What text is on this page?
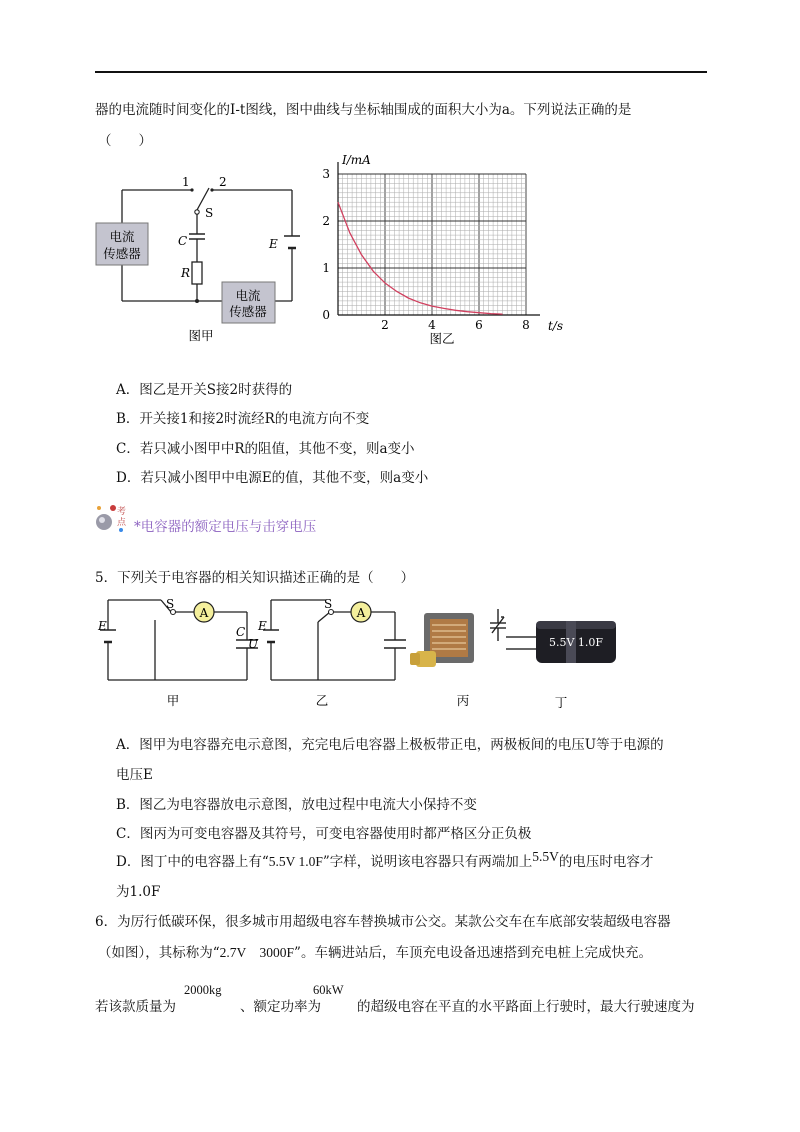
器的电流随时间变化的I-t图线，图中曲线与坐标轴围成的面积大小为a。下列说法正确的是
（　　）
电流
传感器
电流
传感器
1 2
S
C
R
E
图甲
2	4	6	8
1
2
3
0
I/mA
t/s
图乙
A．图乙是开关S接2时获得的
B．开关接1和接2时流经R的电流方向不变
C．若只减小图甲中R的阻值，其他不变，则a变小
D．若只减小图甲中电源E的值，其他不变，则a变小
考
点 *电容器的额定电压与击穿电压
5．下列关于电容器的相关知识描述正确的是（　　）
A
E
S
C
甲
A
E
S
U
乙	丙
5.5V 1.0F
丁
A．图甲为电容器充电示意图，充完电后电容器上极板带正电，两极板间的电压U等于电源的
电压E
B．图乙为电容器放电示意图，放电过程中电流大小保持不变
C．图丙为可变电容器及其符号，可变电容器使用时都严格区分正负极
D．图丁中的电容器上有“5.5V 1.0F”字样，说明该电容器只有两端加上5.5V的电压时电容才
为1.0F
6．为厉行低碳环保，很多城市用超级电容车替换城市公交。某款公交车在车底部安装超级电容器
（如图），其标称为“2.7V　3000F”。车辆进站后，车顶充电设备迅速搭到充电桩上完成快充。
2000kg	60kW
若该款质量为	、额定功率为	的超级电容在平直的水平路面上行驶时，最大行驶速度为
